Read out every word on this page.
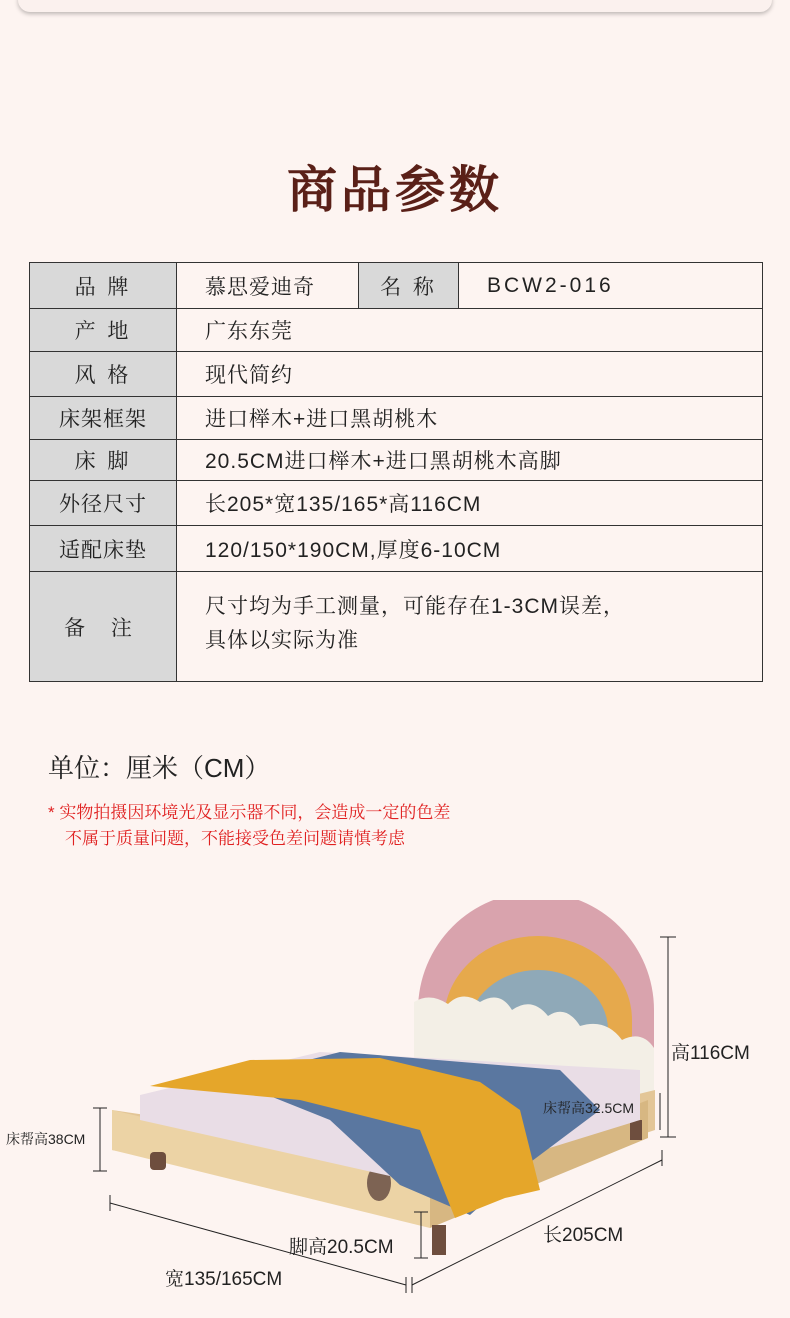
商品参数
品 牌	慕思爱迪奇	名 称	BCW2-016
产 地	广东东莞		
风 格	现代简约		
床架框架	进口榉木+进口黑胡桃木		
床 脚	20.5CM进口榉木+进口黑胡桃木高脚		
外径尺寸	长205*宽135/165*高116CM		
适配床垫	120/150*190CM,厚度6-10CM		
备 注	尺寸均为手工测量，可能存在1-3CM误差，
具体以实际为准		
单位：厘米（CM）
* 实物拍摄因环境光及显示器不同，会造成一定的色差
不属于质量问题，不能接受色差问题请慎考虑
高116CM
床帮高32.5CM
床帮高38CM
脚高20.5CM
长205CM
宽135/165CM
